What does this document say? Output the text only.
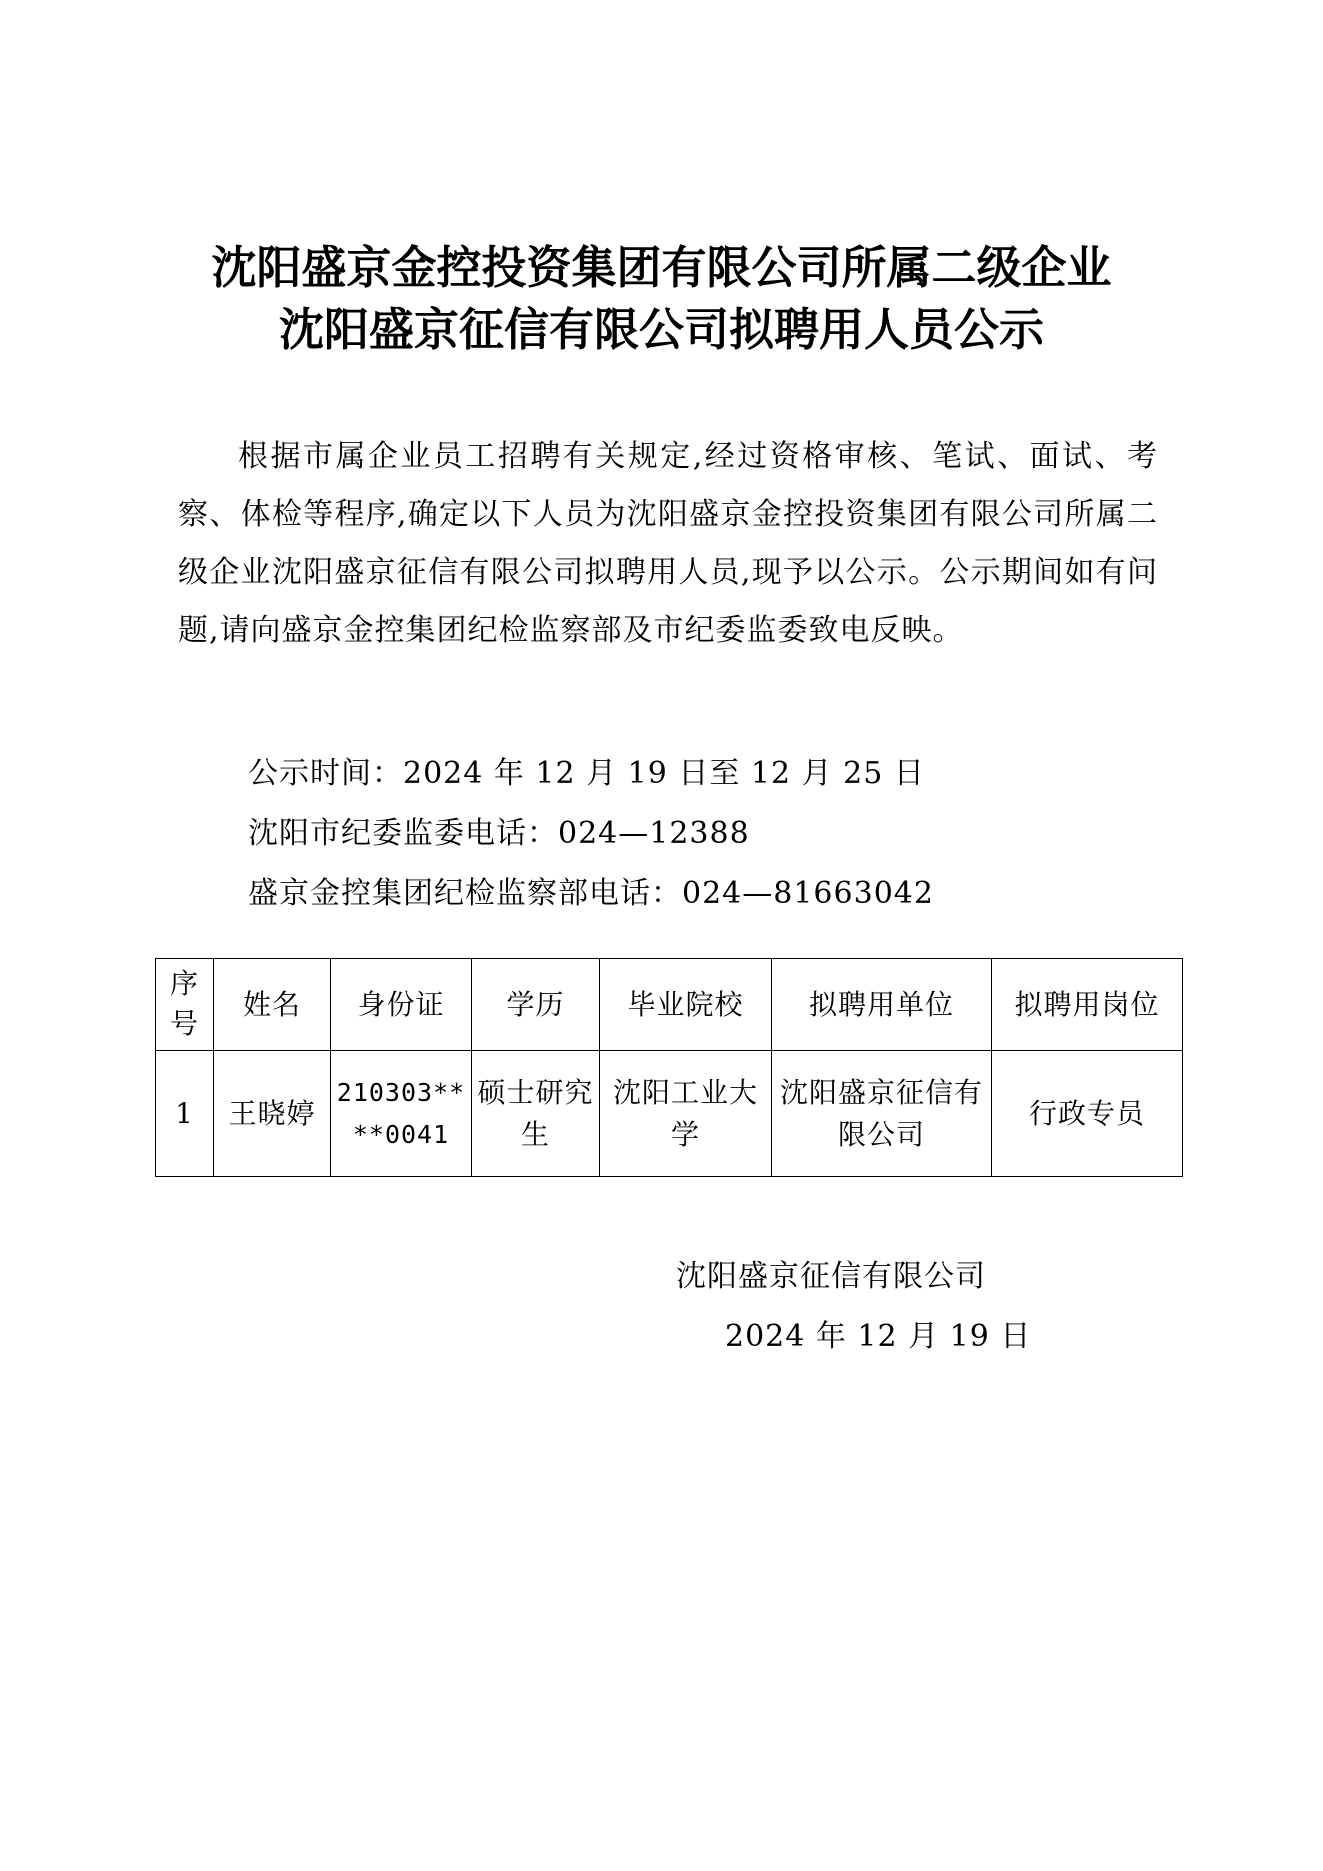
沈阳盛京金控投资集团有限公司所属二级企业
沈阳盛京征信有限公司拟聘用人员公示

根据市属企业员工招聘有关规定,经过资格审核、笔试、面试、考察、体检等程序,确定以下人员为沈阳盛京金控投资集团有限公司所属二级企业沈阳盛京征信有限公司拟聘用人员,现予以公示。公示期间如有问题,请向盛京金控集团纪检监察部及市纪委监委致电反映。

公示时间：2024 年 12 月 19 日至 12 月 25 日

沈阳市纪委监委电话：024—12388

盛京金控集团纪检监察部电话：024—81663042

序号	姓名	身份证	学历	毕业院校	拟聘用单位	拟聘用岗位
1	王晓婷	210303****0041	硕士研究生	沈阳工业大学	沈阳盛京征信有限公司	行政专员

沈阳盛京征信有限公司

2024 年 12 月 19 日
